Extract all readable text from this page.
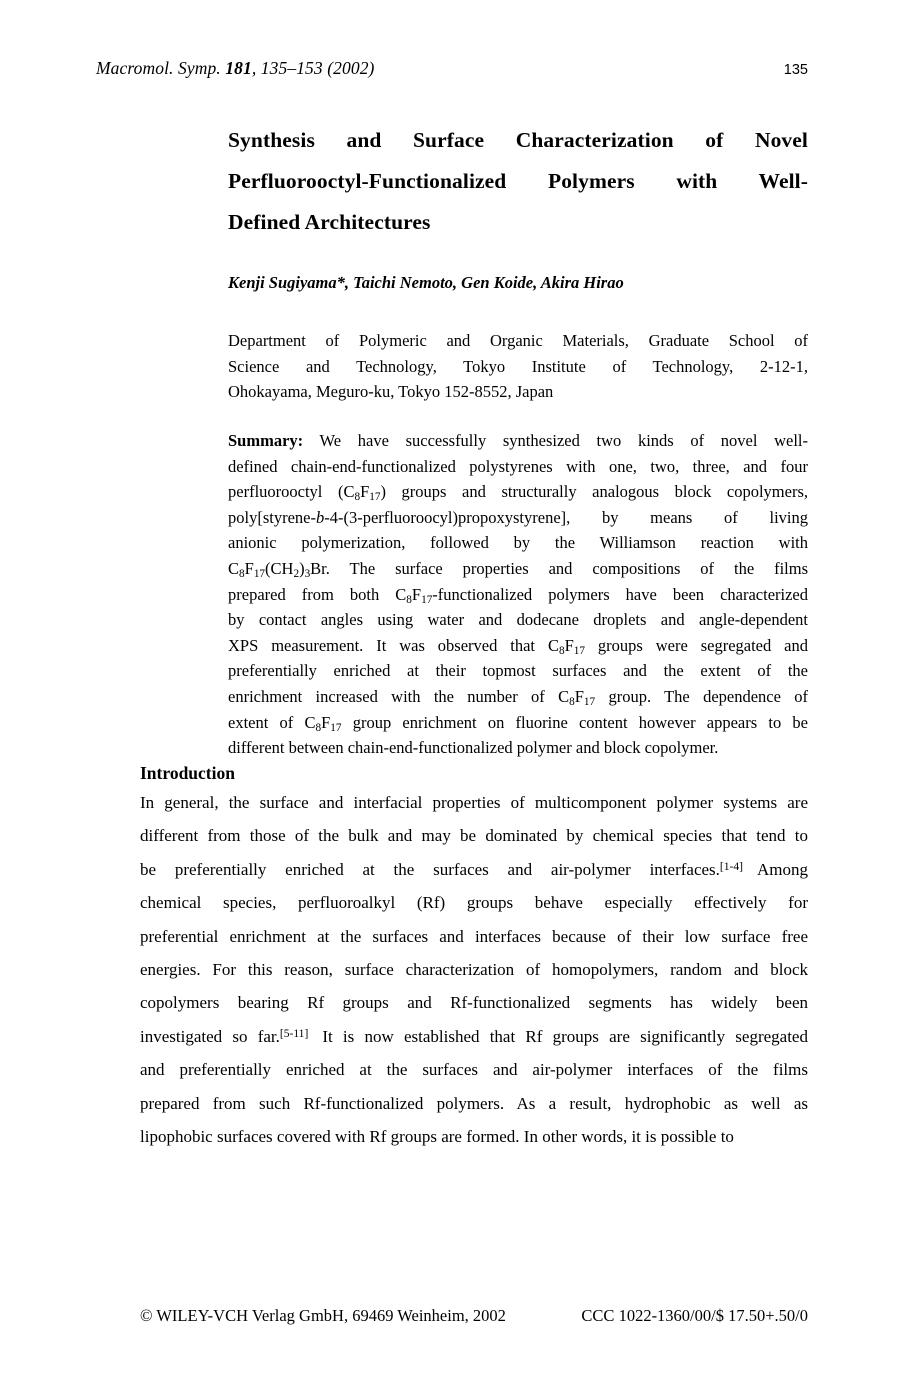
Macromol. Symp. 181, 135–153 (2002)	135
Synthesis and Surface Characterization of Novel
Perfluorooctyl-Functionalized Polymers with Well-
Defined Architectures
Kenji Sugiyama*, Taichi Nemoto, Gen Koide, Akira Hirao
Department of Polymeric and Organic Materials, Graduate School of
Science and Technology, Tokyo Institute of Technology, 2-12-1,
Ohokayama, Meguro-ku, Tokyo 152-8552, Japan
Summary: We have successfully synthesized two kinds of novel well-
defined chain-end-functionalized polystyrenes with one, two, three, and four
perfluorooctyl $(C_8F_{17})$ groups and structurally analogous block copolymers,
poly[styrene-b-4-(3-perfluoroocyl)propoxystyrene], by means of living
anionic polymerization, followed by the Williamson reaction with
$C_8F_{17}(CH_2)_3Br$. The surface properties and compositions of the films
prepared from both $C_8F_{17}$-functionalized polymers have been characterized
by contact angles using water and dodecane droplets and angle-dependent
XPS measurement. It was observed that $C_8F_{17}$ groups were segregated and
preferentially enriched at their topmost surfaces and the extent of the
enrichment increased with the number of $C_8F_{17}$ group. The dependence of
extent of $C_8F_{17}$ group enrichment on fluorine content however appears to be
different between chain-end-functionalized polymer and block copolymer.
Introduction
In general, the surface and interfacial properties of multicomponent polymer systems are
different from those of the bulk and may be dominated by chemical species that tend to
be preferentially enriched at the surfaces and air-polymer interfaces.[1-4] Among
chemical species, perfluoroalkyl (Rf) groups behave especially effectively for
preferential enrichment at the surfaces and interfaces because of their low surface free
energies. For this reason, surface characterization of homopolymers, random and block
copolymers bearing Rf groups and Rf-functionalized segments has widely been
investigated so far.[5-11] It is now established that Rf groups are significantly segregated
and preferentially enriched at the surfaces and air-polymer interfaces of the films
prepared from such Rf-functionalized polymers. As a result, hydrophobic as well as
lipophobic surfaces covered with Rf groups are formed. In other words, it is possible to
© WILEY-VCH Verlag GmbH, 69469 Weinheim, 2002	CCC 1022-1360/00/$ 17.50+.50/0
